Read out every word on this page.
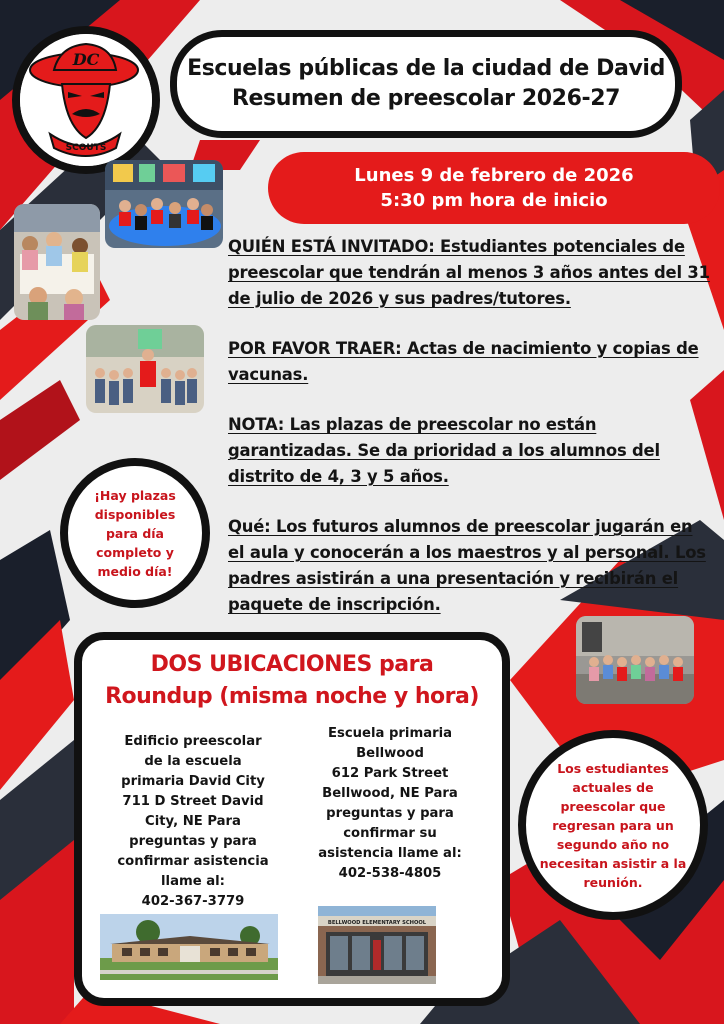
Escuelas públicas de la ciudad de David
Resumen de preescolar 2026-27
DC
SCOUTS
Lunes 9 de febrero de 2026
5:30 pm hora de inicio

QUIÉN ESTÁ INVITADO: Estudiantes potenciales de preescolar que tendrán al menos 3 años antes del 31 de julio de 2026 y sus padres/tutores.

POR FAVOR TRAER: Actas de nacimiento y copias de vacunas.

NOTA: Las plazas de preescolar no están garantizadas. Se da prioridad a los alumnos del distrito de 4, 3 y 5 años.

Qué: Los futuros alumnos de preescolar jugarán en el aula y conocerán a los maestros y al personal. Los padres asistirán a una presentación y recibirán el paquete de inscripción.

¡Hay plazas
disponibles
para día
completo y
medio día!
Los estudiantes
actuales de
preescolar que
regresan para un
segundo año no
necesitan asistir a la
reunión.
DOS UBICACIONES para
Roundup (misma noche y hora)
Edificio preescolar
de la escuela
primaria David City
711 D Street David
City, NE Para
preguntas y para
confirmar asistencia
llame al:
402-367-3779
Escuela primaria
Bellwood
612 Park Street
Bellwood, NE Para
preguntas y para
confirmar su
asistencia llame al:
402-538-4805
BELLWOOD ELEMENTARY SCHOOL
